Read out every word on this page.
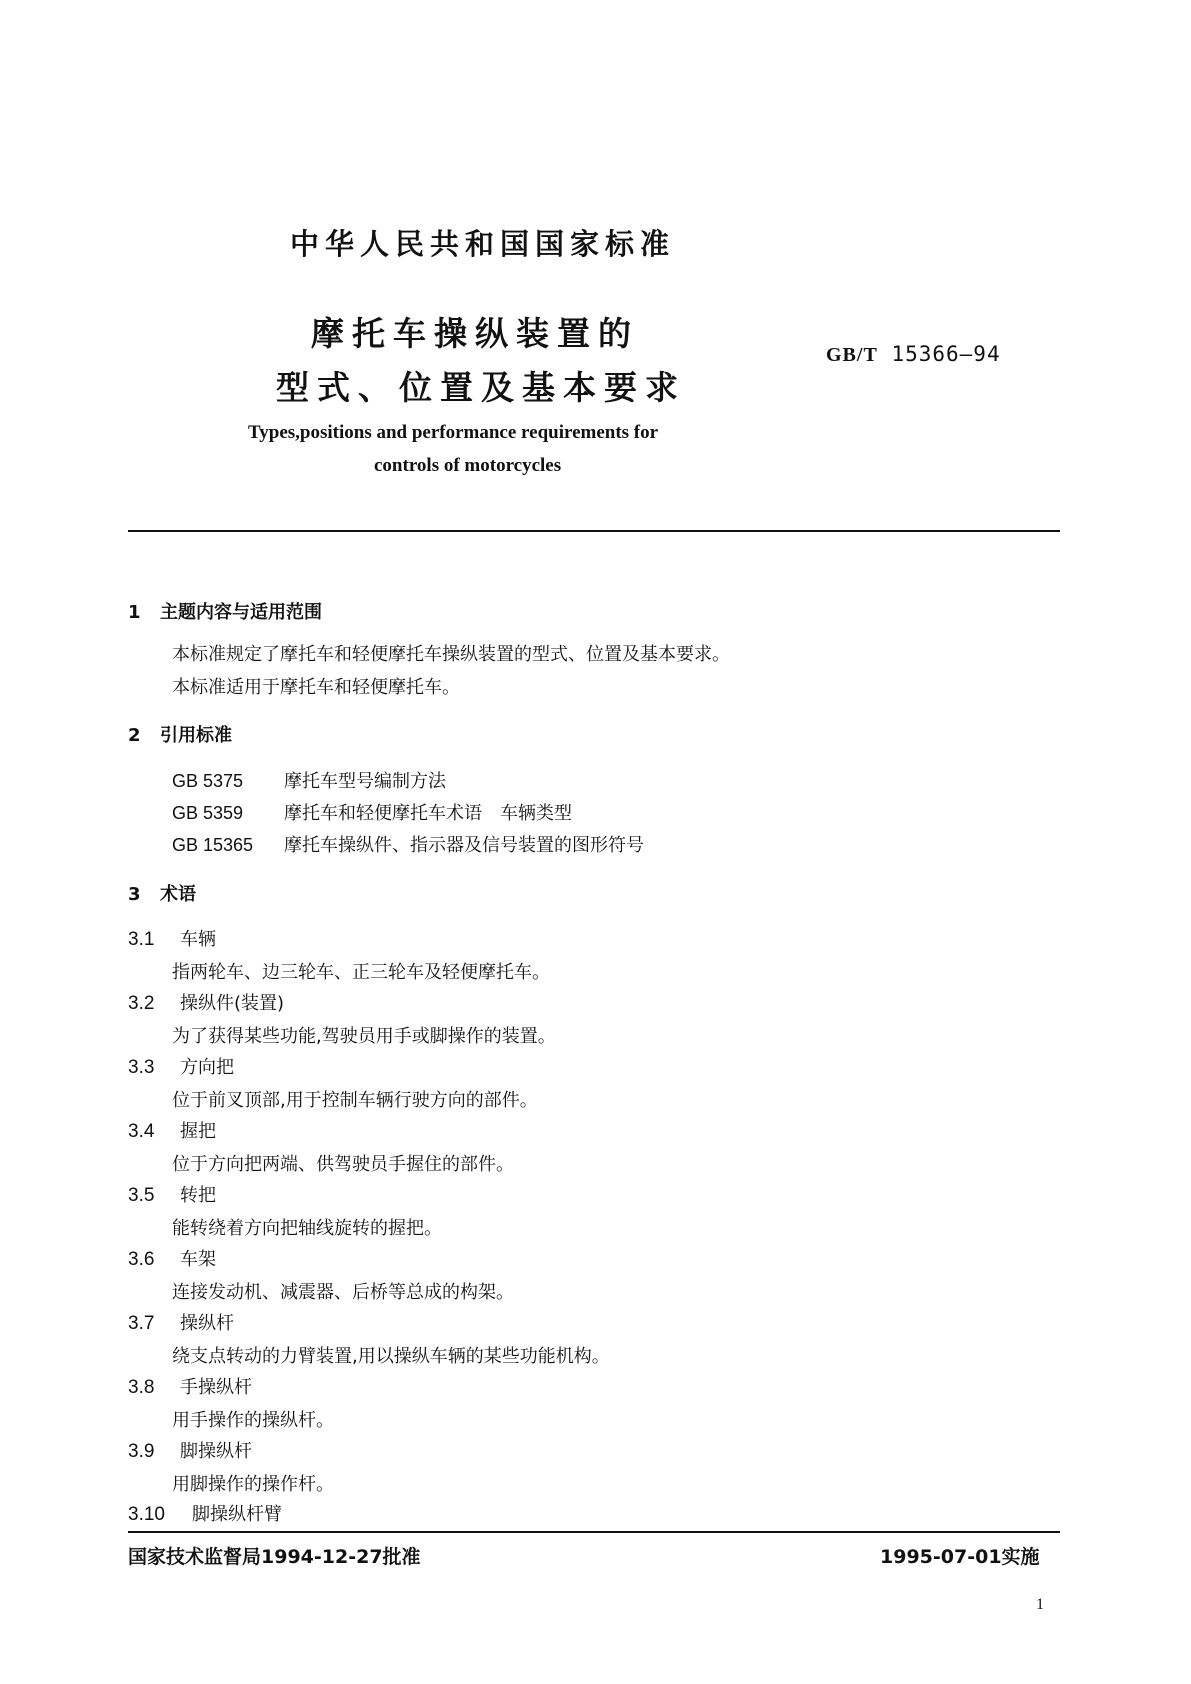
中华人民共和国国家标准
摩托车操纵装置的
型式、位置及基本要求
GB/T 15366—94
Types,positions and performance requirements for
controls of motorcycles
1 主题内容与适用范围
本标准规定了摩托车和轻便摩托车操纵装置的型式、位置及基本要求。
本标准适用于摩托车和轻便摩托车。
2 引用标准
GB 5375 摩托车型号编制方法
GB 5359 摩托车和轻便摩托车术语　车辆类型
GB 15365 摩托车操纵件、指示器及信号装置的图形符号
3 术语
3.1 车辆
指两轮车、边三轮车、正三轮车及轻便摩托车。
3.2 操纵件(装置)
为了获得某些功能,驾驶员用手或脚操作的装置。
3.3 方向把
位于前叉顶部,用于控制车辆行驶方向的部件。
3.4 握把
位于方向把两端、供驾驶员手握住的部件。
3.5 转把
能转绕着方向把轴线旋转的握把。
3.6 车架
连接发动机、减震器、后桥等总成的构架。
3.7 操纵杆
绕支点转动的力臂装置,用以操纵车辆的某些功能机构。
3.8 手操纵杆
用手操作的操纵杆。
3.9 脚操纵杆
用脚操作的操作杆。
3.10 脚操纵杆臂
国家技术监督局1994-12-27批准	1995-07-01实施
1
